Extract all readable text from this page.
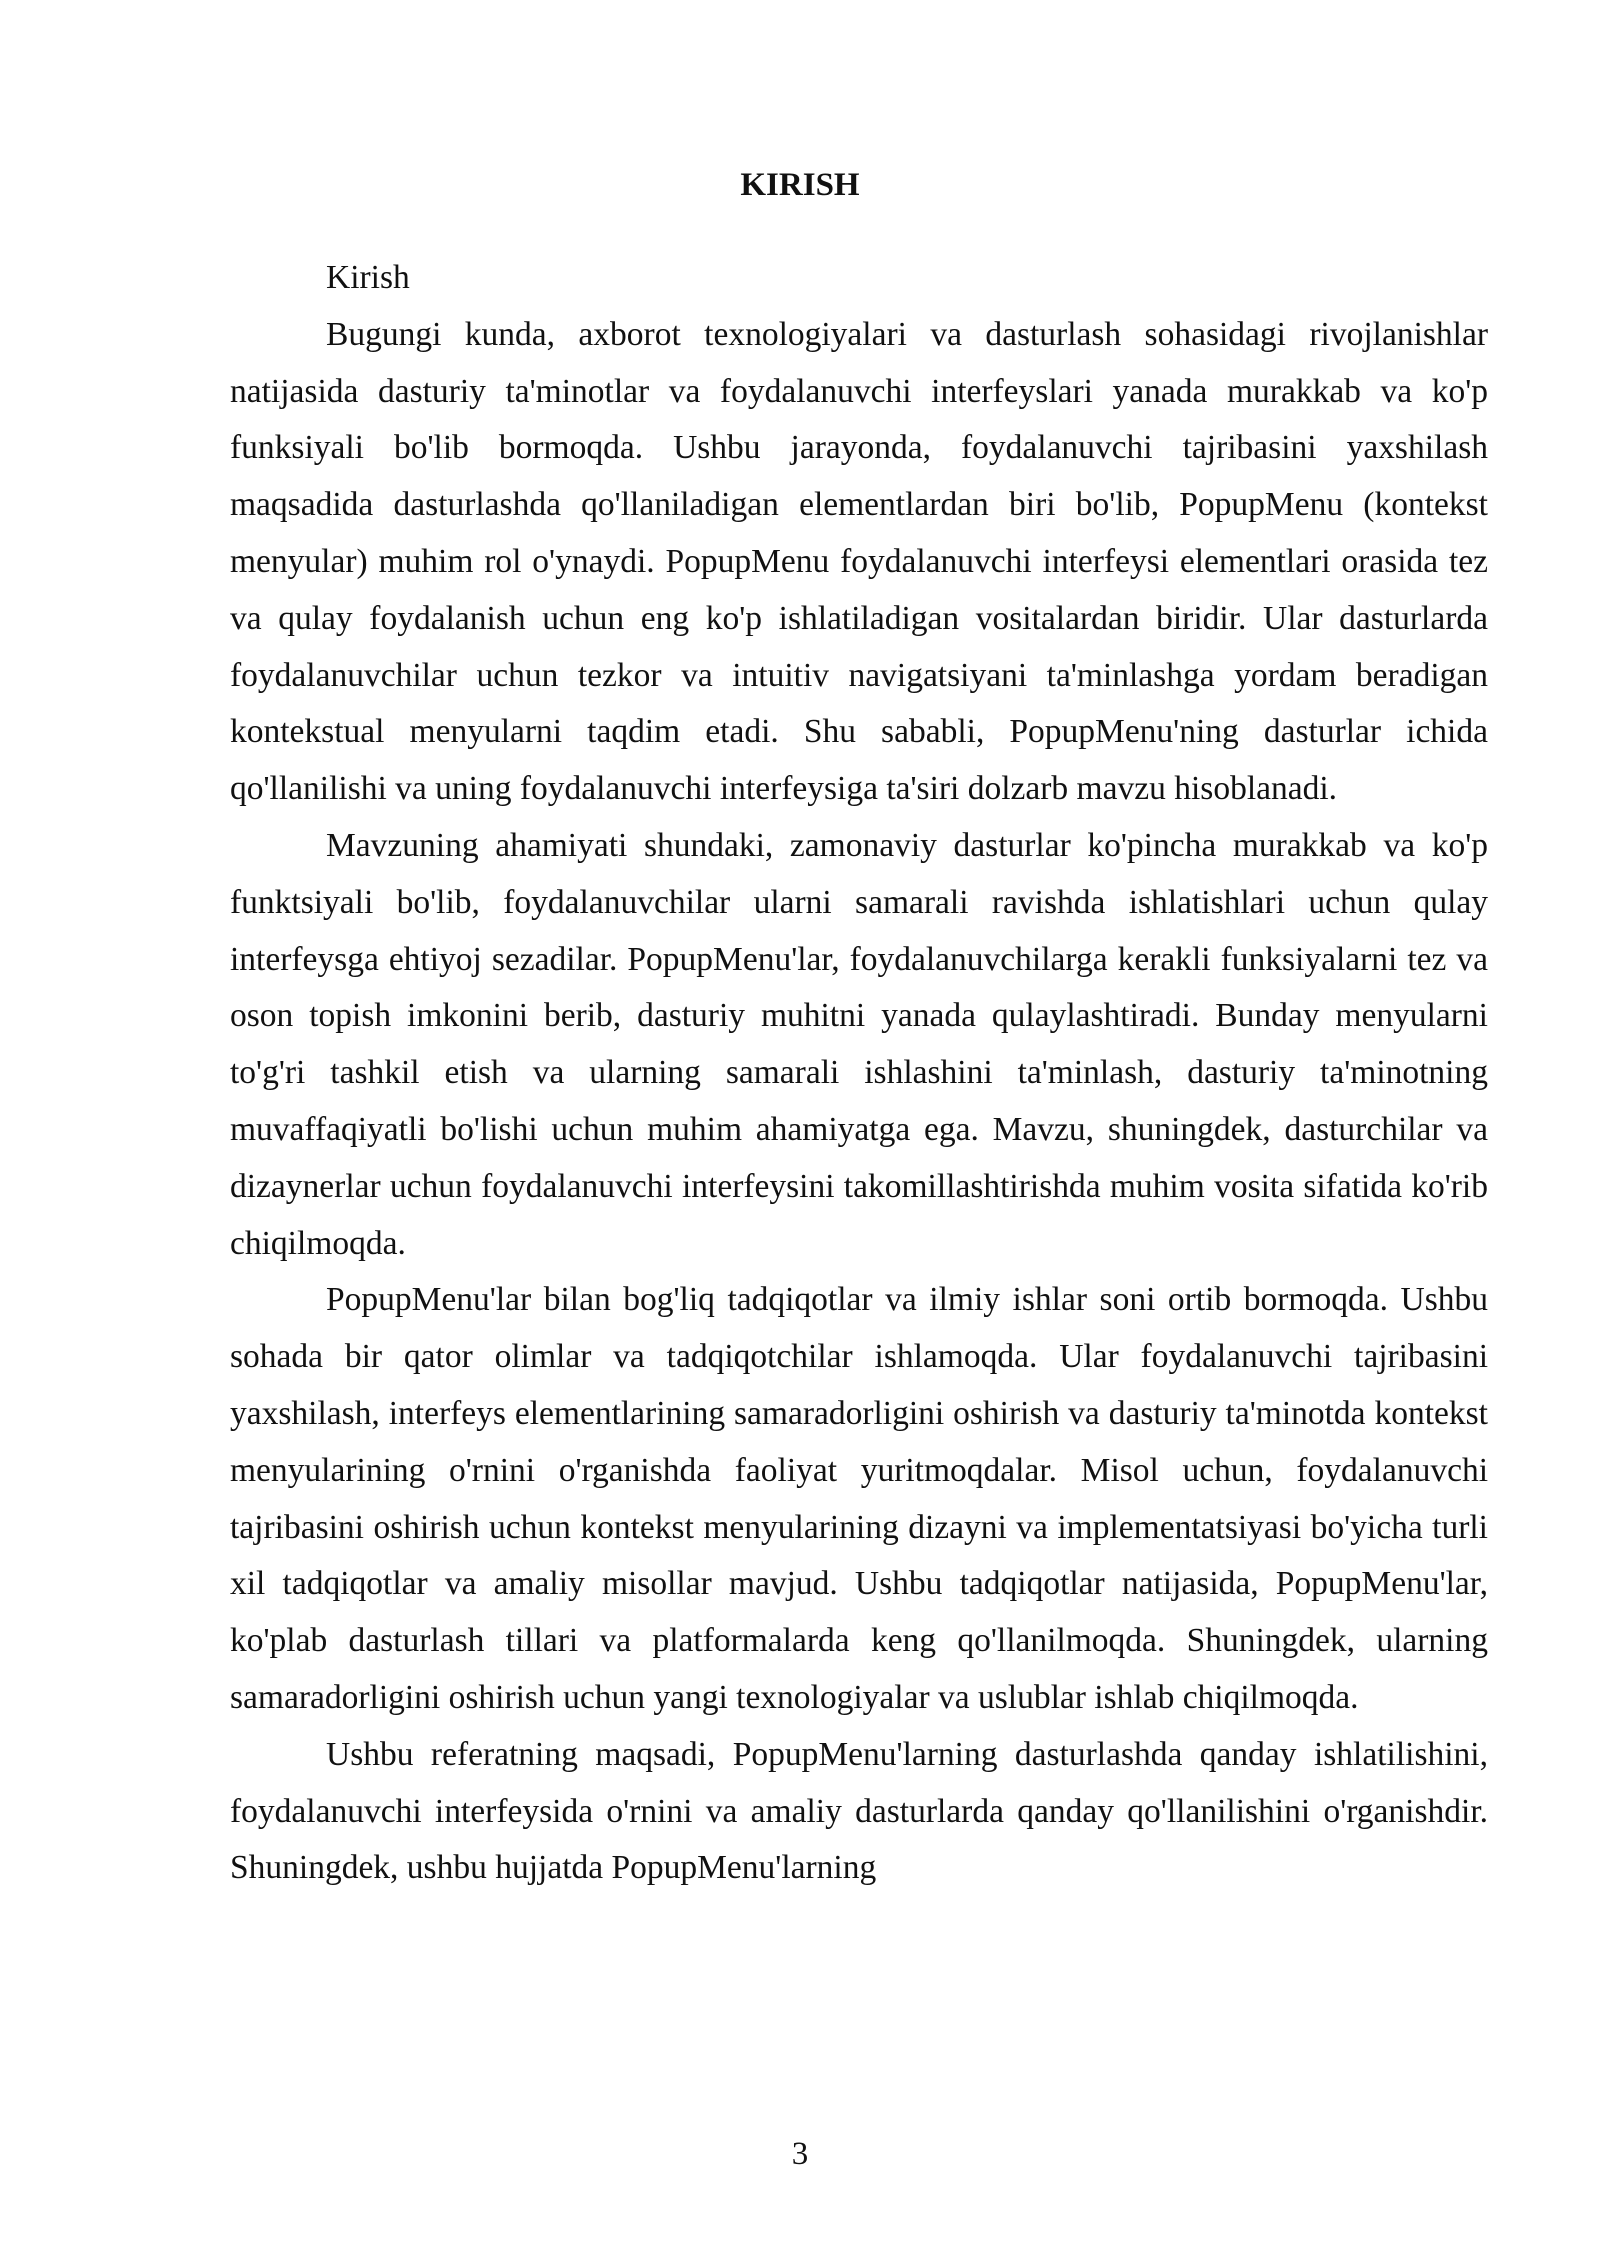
KIRISH

Kirish

Bugungi kunda, axborot texnologiyalari va dasturlash sohasidagi rivojlanishlar natijasida dasturiy ta'minotlar va foydalanuvchi interfeyslari yanada murakkab va ko'p funksiyali bo'lib bormoqda. Ushbu jarayonda, foydalanuvchi tajribasini yaxshilash maqsadida dasturlashda qo'llaniladigan elementlardan biri bo'lib, PopupMenu (kontekst menyular) muhim rol o'ynaydi. PopupMenu foydalanuvchi interfeysi elementlari orasida tez va qulay foydalanish uchun eng ko'p ishlatiladigan vositalardan biridir. Ular dasturlarda foydalanuvchilar uchun tezkor va intuitiv navigatsiyani ta'minlashga yordam beradigan kontekstual menyularni taqdim etadi. Shu sababli, PopupMenu'ning dasturlar ichida qo'llanilishi va uning foydalanuvchi interfeysiga ta'siri dolzarb mavzu hisoblanadi.

Mavzuning ahamiyati shundaki, zamonaviy dasturlar ko'pincha murakkab va ko'p funktsiyali bo'lib, foydalanuvchilar ularni samarali ravishda ishlatishlari uchun qulay interfeysga ehtiyoj sezadilar. PopupMenu'lar, foydalanuvchilarga kerakli funksiyalarni tez va oson topish imkonini berib, dasturiy muhitni yanada qulaylashtiradi. Bunday menyularni to'g'ri tashkil etish va ularning samarali ishlashini ta'minlash, dasturiy ta'minotning muvaffaqiyatli bo'lishi uchun muhim ahamiyatga ega. Mavzu, shuningdek, dasturchilar va dizaynerlar uchun foydalanuvchi interfeysini takomillashtirishda muhim vosita sifatida ko'rib chiqilmoqda.

PopupMenu'lar bilan bog'liq tadqiqotlar va ilmiy ishlar soni ortib bormoqda. Ushbu sohada bir qator olimlar va tadqiqotchilar ishlamoqda. Ular foydalanuvchi tajribasini yaxshilash, interfeys elementlarining samaradorligini oshirish va dasturiy ta'minotda kontekst menyularining o'rnini o'rganishda faoliyat yuritmoqdalar. Misol uchun, foydalanuvchi tajribasini oshirish uchun kontekst menyularining dizayni va implementatsiyasi bo'yicha turli xil tadqiqotlar va amaliy misollar mavjud. Ushbu tadqiqotlar natijasida, PopupMenu'lar, ko'plab dasturlash tillari va platformalarda keng qo'llanilmoqda. Shuningdek, ularning samaradorligini oshirish uchun yangi texnologiyalar va uslublar ishlab chiqilmoqda.

Ushbu referatning maqsadi, PopupMenu'larning dasturlashda qanday ishlatilishini, foydalanuvchi interfeysida o'rnini va amaliy dasturlarda qanday qo'llanilishini o'rganishdir. Shuningdek, ushbu hujjatda PopupMenu'larning

3
